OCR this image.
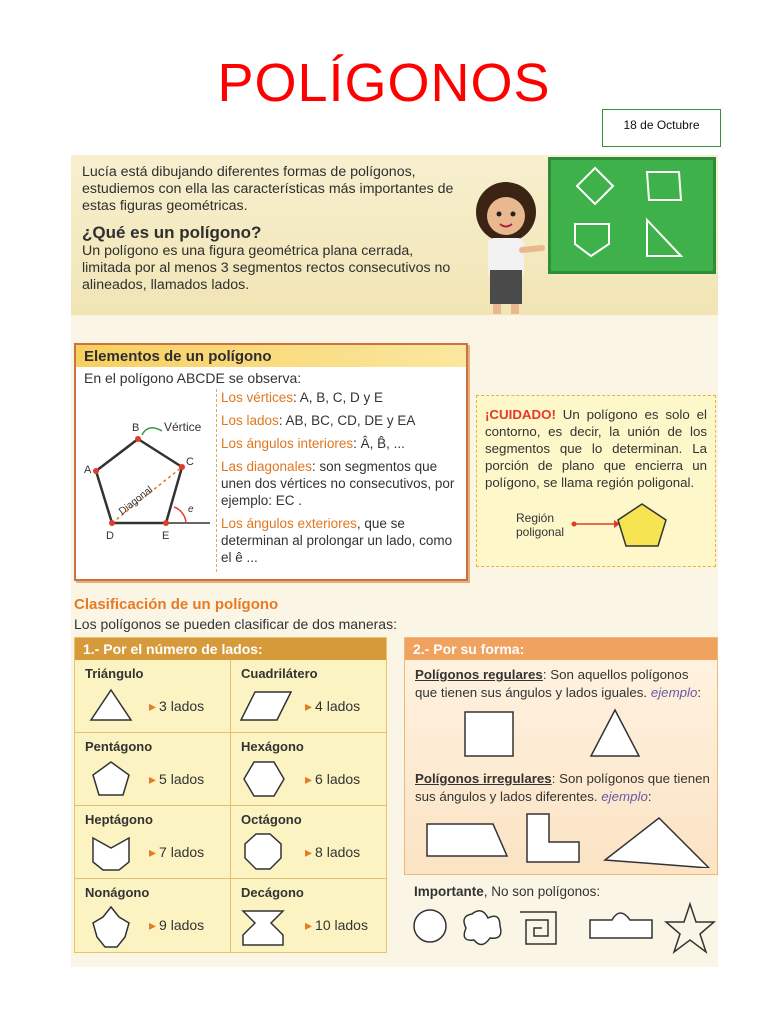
POLÍGONOS
18 de Octubre

Lucía está dibujando diferentes formas de polígonos, estudiemos con ella las características más importantes de estas figuras geométricas.

¿Qué es un polígono?

Un polígono es una figura geométrica plana cerrada, limitada por al menos 3 segmentos rectos consecutivos no alineados, llamados lados.

Elementos de un polígono
En el polígono ABCDE se observa:
Vértice
B
C
A
D	E
e
Diagonal
Los vértices: A, B, C, D y E
Los lados: AB, BC, CD, DE y EA
Los ángulos interiores: Â, B̂, ...
Las diagonales: son segmentos que unen dos vértices no consecutivos, por ejemplo: EC .
Los ángulos exteriores, que se determinan al prolongar un lado, como el ê ...
¡CUIDADO! Un polígono es solo el contorno, es decir, la unión de los segmentos que lo determinan. La porción de plano que encierra un polígono, se llama región poligonal.
Región
poligonal
Clasificación de un polígono
Los polígonos se pueden clasificar de dos maneras:
1.- Por el número de lados:
Triángulo
▸ 3 lados
Cuadrilátero
▸ 4 lados
Pentágono
▸ 5 lados
Hexágono
▸ 6 lados
Heptágono
▸ 7 lados
Octágono
▸ 8 lados
Nonágono
▸ 9 lados
Decágono
▸ 10 lados
2.- Por su forma:
Polígonos regulares: Son aquellos polígonos que tienen sus ángulos y lados iguales. ejemplo:
Polígonos irregulares: Son polígonos que tienen sus ángulos y lados diferentes. ejemplo:
Importante, No son polígonos:
